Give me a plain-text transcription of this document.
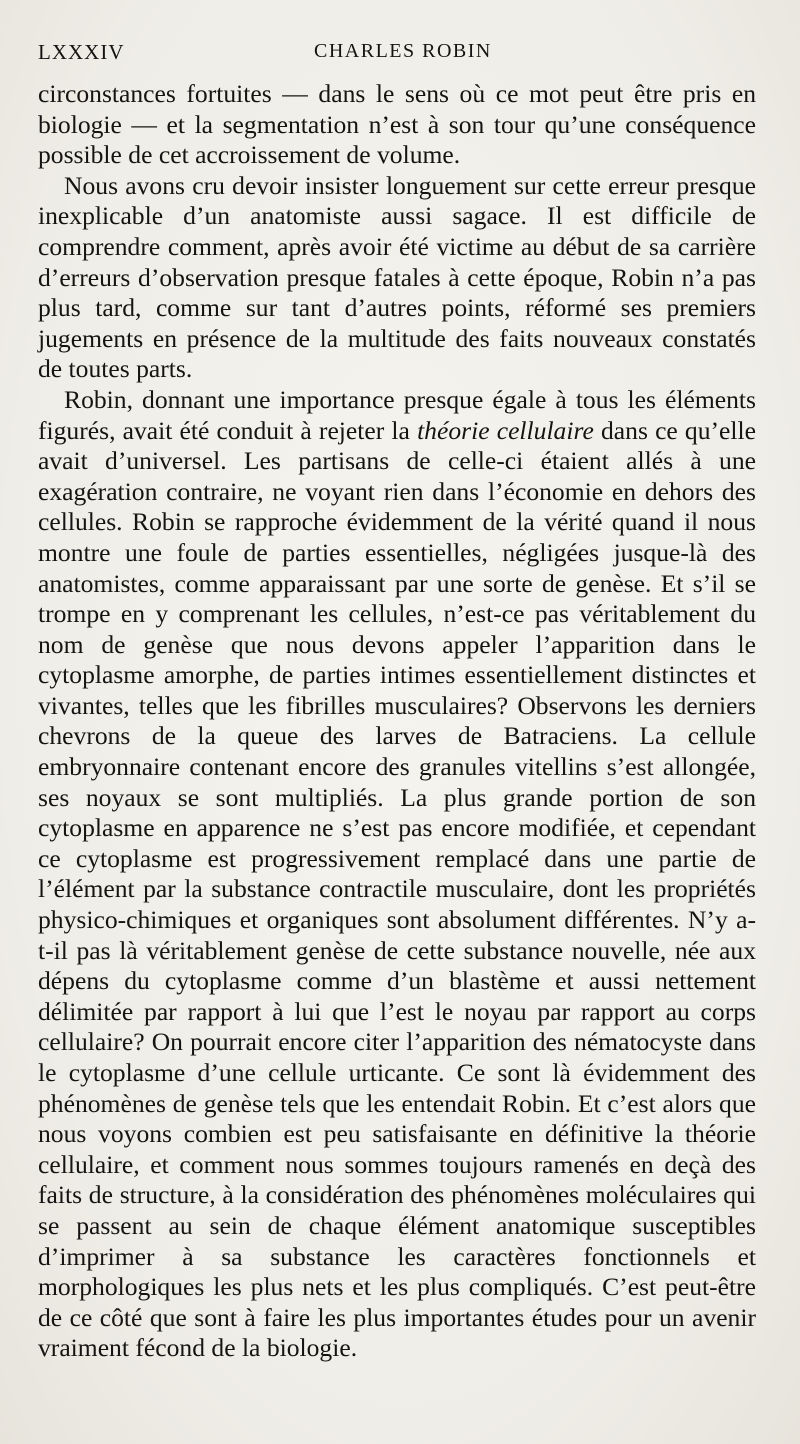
LXXXIV	CHARLES ROBIN

circonstances fortuites — dans le sens où ce mot peut être pris en biologie — et la segmentation n’est à son tour qu’une conséquence possible de cet accroissement de volume.

Nous avons cru devoir insister longuement sur cette erreur presque inexplicable d’un anatomiste aussi sagace. Il est difficile de comprendre comment, après avoir été victime au début de sa carrière d’erreurs d’observation presque fatales à cette époque, Robin n’a pas plus tard, comme sur tant d’autres points, réformé ses premiers jugements en présence de la multitude des faits nouveaux constatés de toutes parts.

Robin, donnant une importance presque égale à tous les éléments figurés, avait été conduit à rejeter la théorie cellulaire dans ce qu’elle avait d’universel. Les partisans de celle-ci étaient allés à une exagération contraire, ne voyant rien dans l’économie en dehors des cellules. Robin se rapproche évidemment de la vérité quand il nous montre une foule de parties essentielles, négligées jusque-là des anatomistes, comme apparaissant par une sorte de genèse. Et s’il se trompe en y comprenant les cellules, n’est-ce pas véritablement du nom de genèse que nous devons appeler l’apparition dans le cytoplasme amorphe, de parties intimes essentiellement distinctes et vivantes, telles que les fibrilles musculaires? Observons les derniers chevrons de la queue des larves de Batraciens. La cellule embryonnaire contenant encore des granules vitellins s’est allongée, ses noyaux se sont multipliés. La plus grande portion de son cytoplasme en apparence ne s’est pas encore modifiée, et cependant ce cytoplasme est progressivement remplacé dans une partie de l’élément par la substance contractile musculaire, dont les propriétés physico-chimiques et organiques sont absolument différentes. N’y a-t-il pas là véritablement genèse de cette substance nouvelle, née aux dépens du cytoplasme comme d’un blastème et aussi nettement délimitée par rapport à lui que l’est le noyau par rapport au corps cellulaire? On pourrait encore citer l’apparition des nématocyste dans le cytoplasme d’une cellule urticante. Ce sont là évidemment des phénomènes de genèse tels que les entendait Robin. Et c’est alors que nous voyons combien est peu satisfaisante en définitive la théorie cellulaire, et comment nous sommes toujours ramenés en deçà des faits de structure, à la considération des phénomènes moléculaires qui se passent au sein de chaque élément anatomique susceptibles d’imprimer à sa substance les caractères fonctionnels et morphologiques les plus nets et les plus compliqués. C’est peut-être de ce côté que sont à faire les plus importantes études pour un avenir vraiment fécond de la biologie.
